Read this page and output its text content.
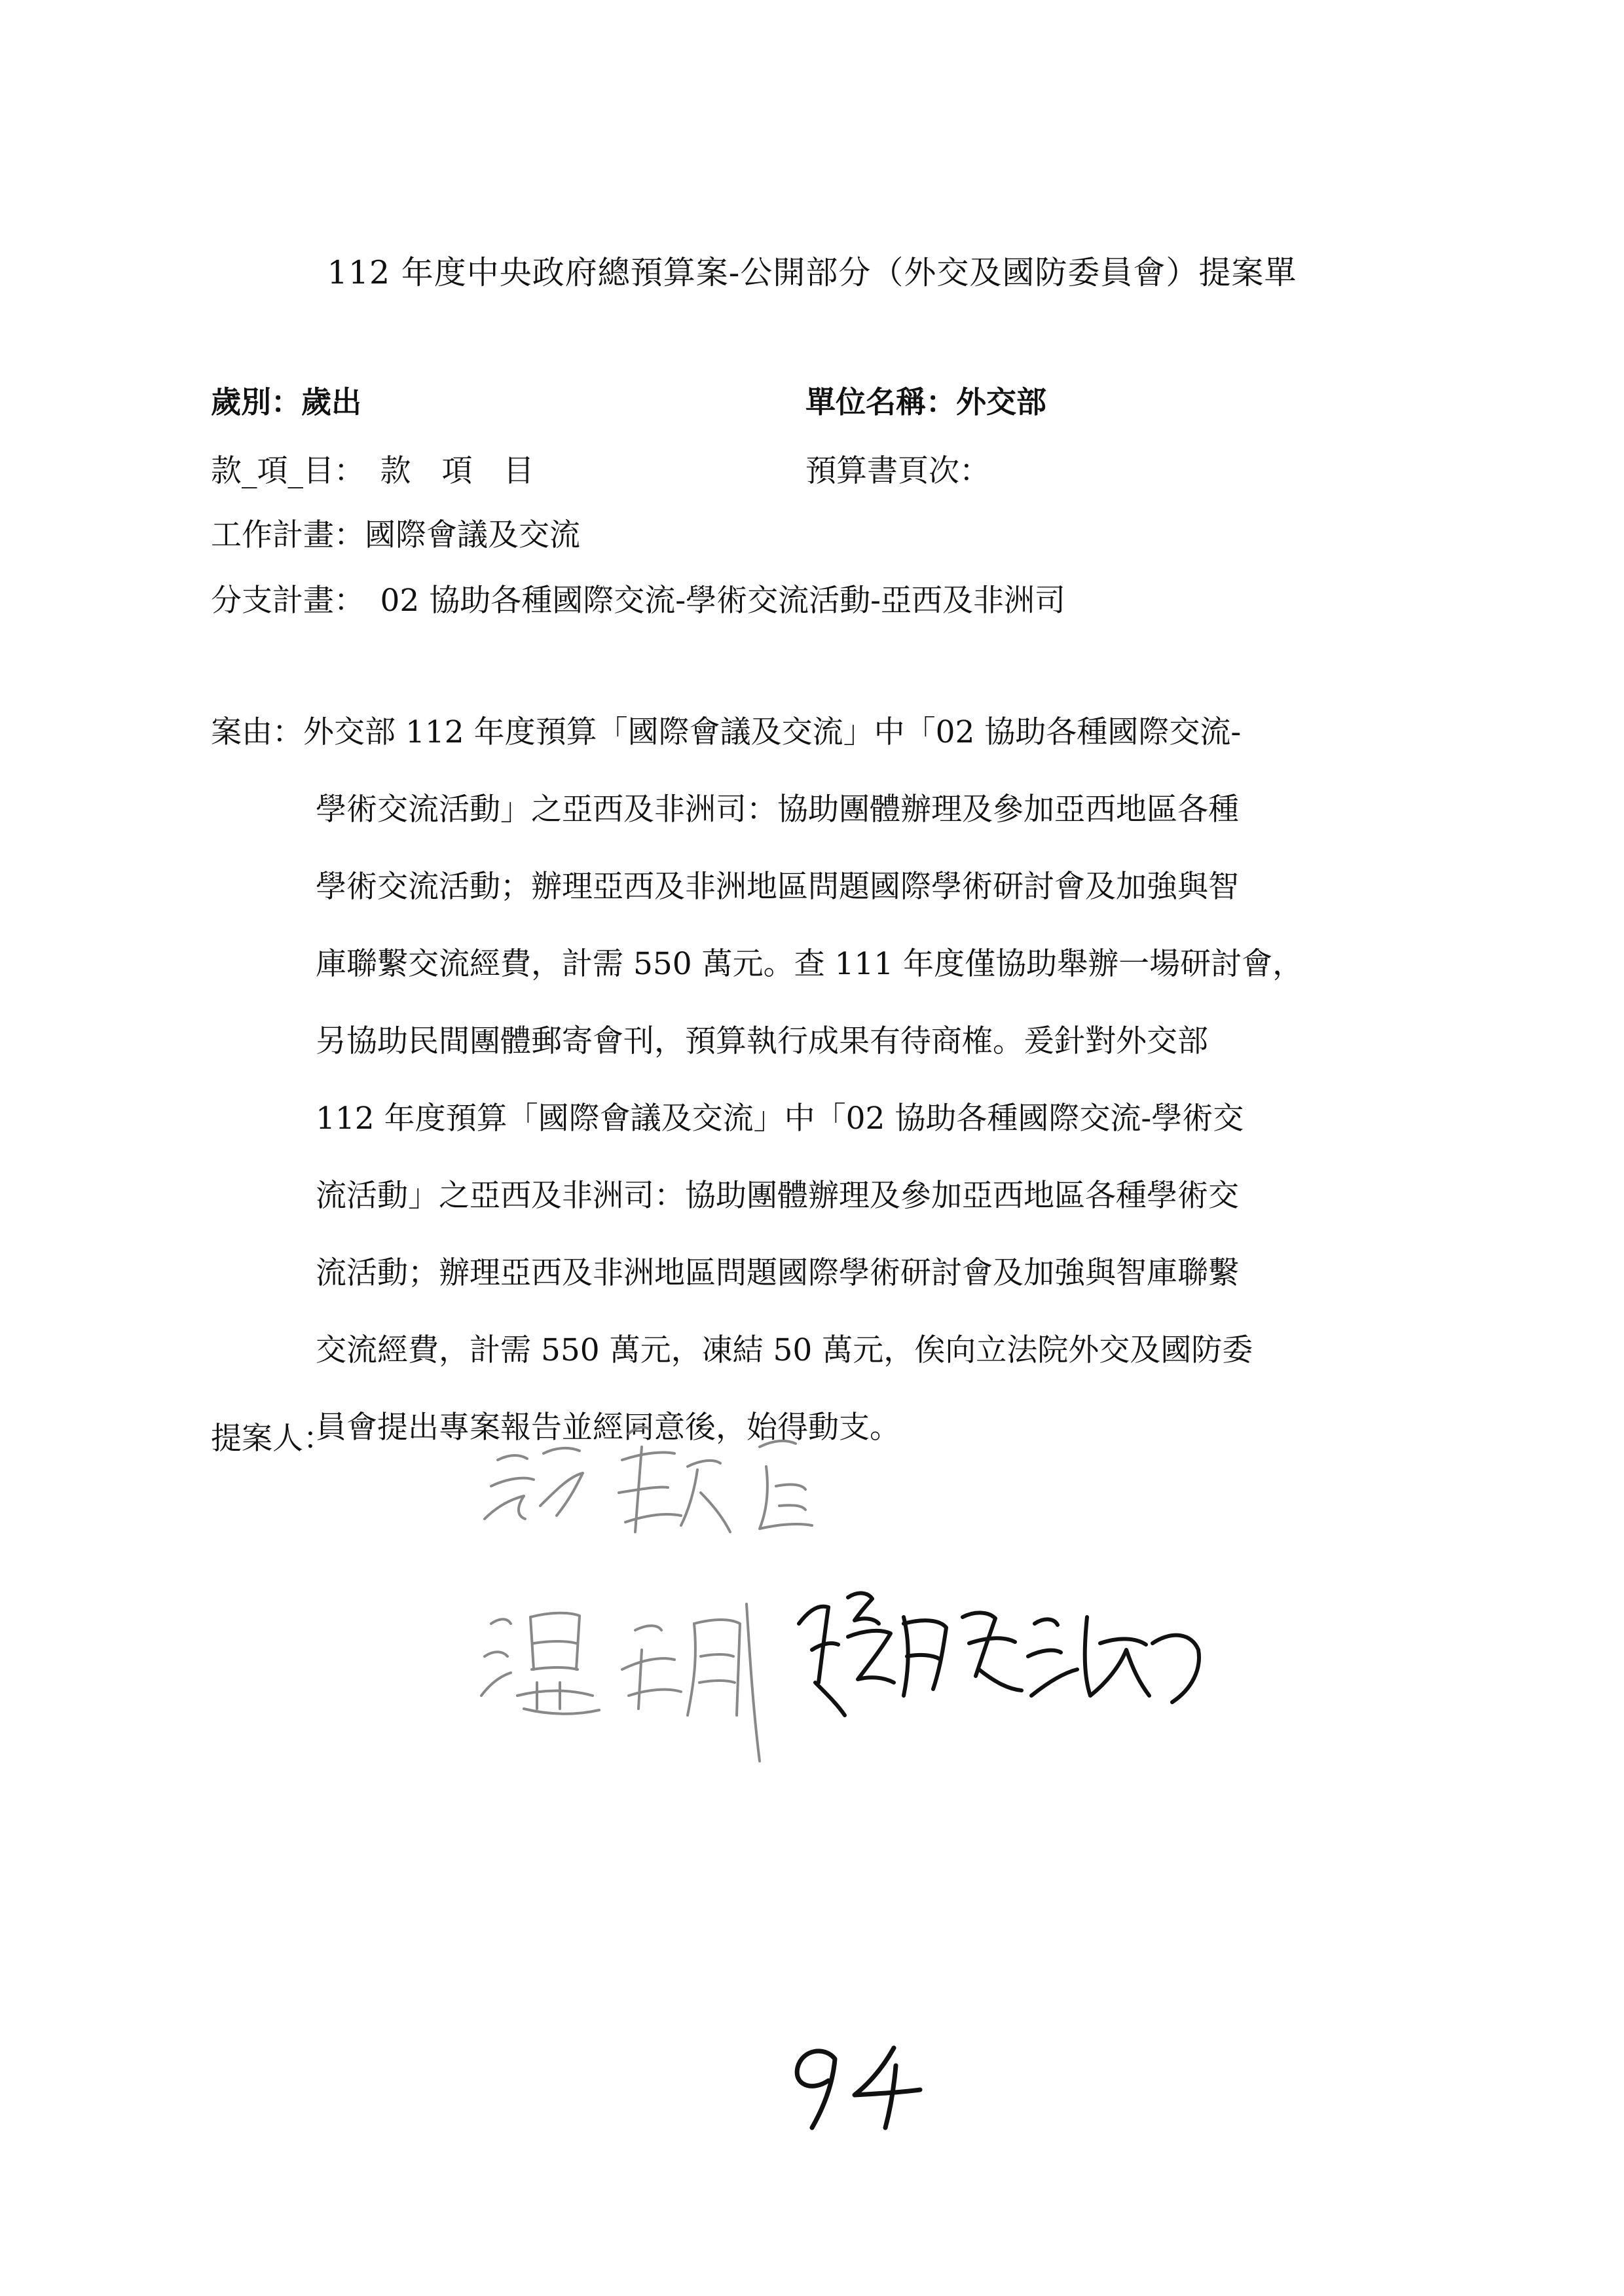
112 年度中央政府總預算案-公開部分（外交及國防委員會）提案單
歲別：歲出	單位名稱：外交部
款_項_目：　款　項　目	預算書頁次：
工作計畫：國際會議及交流
分支計畫：　02 協助各種國際交流-學術交流活動-亞西及非洲司
案由：外交部 112 年度預算「國際會議及交流」中「02 協助各種國際交流-
學術交流活動」之亞西及非洲司：協助團體辦理及參加亞西地區各種
學術交流活動；辦理亞西及非洲地區問題國際學術研討會及加強與智
庫聯繫交流經費，計需 550 萬元。查 111 年度僅協助舉辦一場研討會，
另協助民間團體郵寄會刊，預算執行成果有待商榷。爰針對外交部
112 年度預算「國際會議及交流」中「02 協助各種國際交流-學術交
流活動」之亞西及非洲司：協助團體辦理及參加亞西地區各種學術交
流活動；辦理亞西及非洲地區問題國際學術研討會及加強與智庫聯繫
交流經費，計需 550 萬元，凍結 50 萬元，俟向立法院外交及國防委
員會提出專案報告並經同意後，始得動支。
提案人：
